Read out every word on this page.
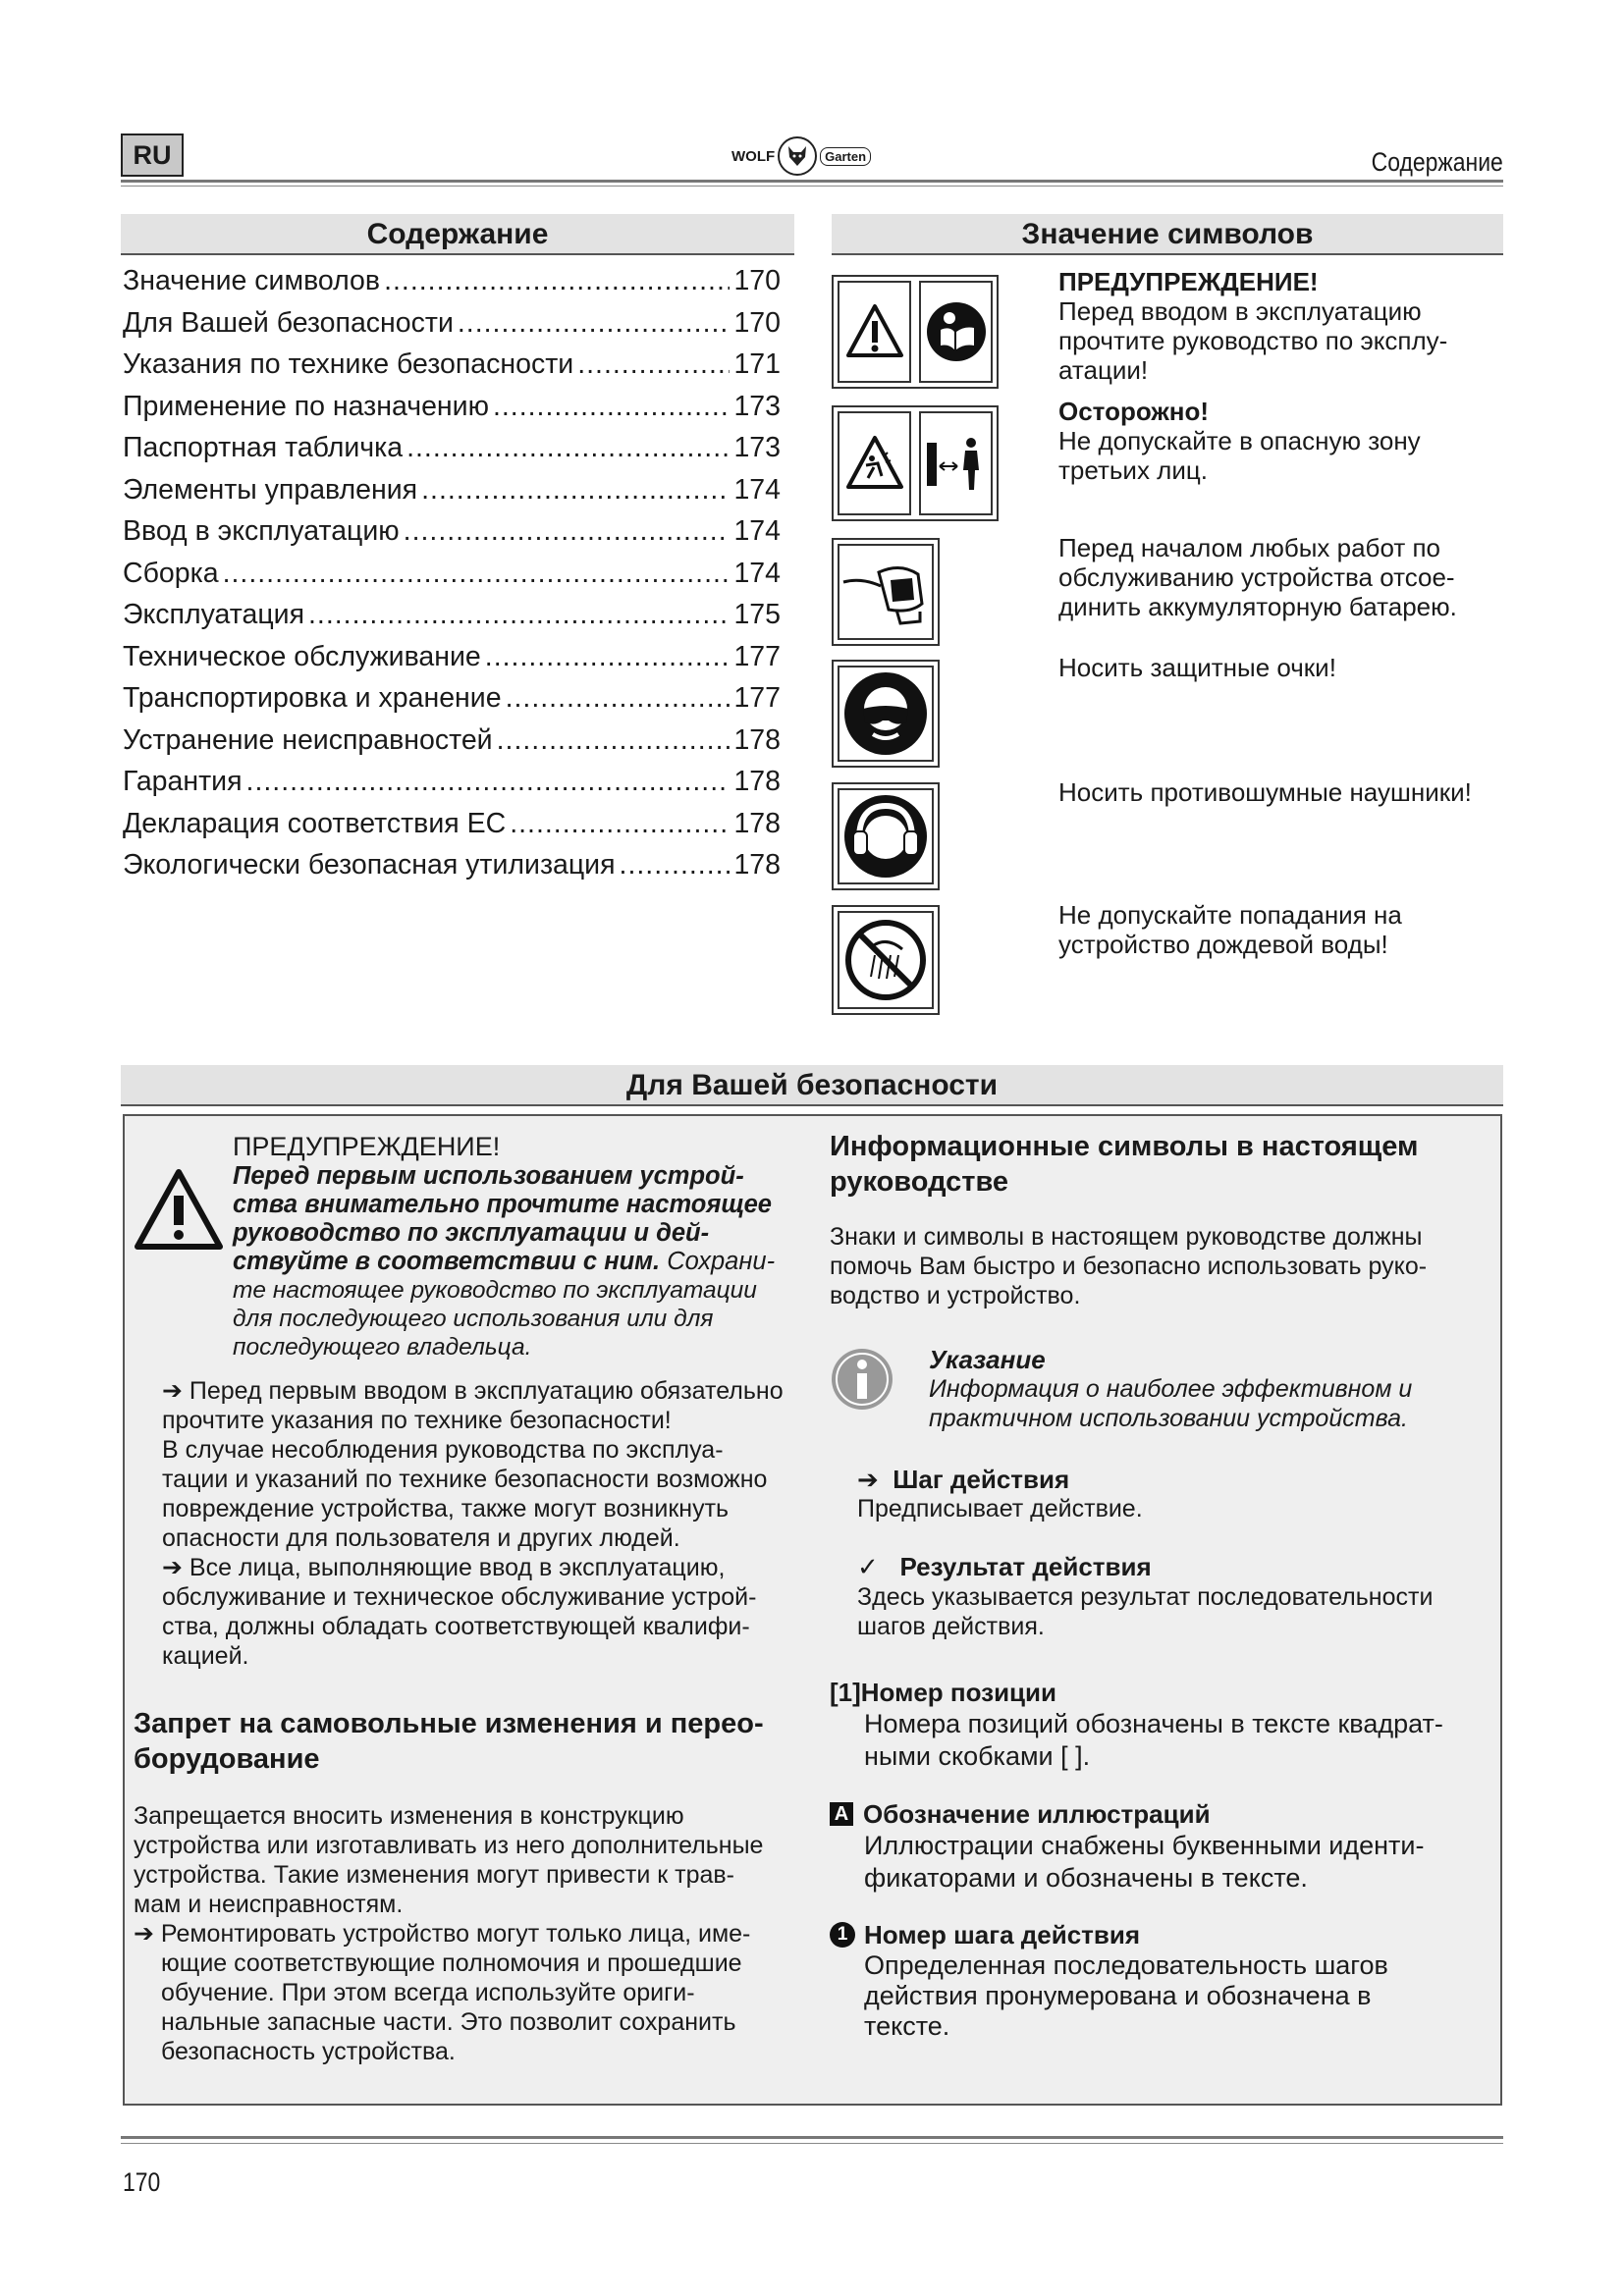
RU	WOLF	Garten	Содержание
Содержание
Значение символов .....	170
Для Вашей безопасности .....	170
Указания по технике безопасности .....	171
Применение по назначению .....	173
Паспортная табличка .....	173
Элементы управления .....	174
Ввод в эксплуатацию .....	174
Сборка .....	174
Эксплуатация .....	175
Техническое обслуживание .....	177
Транспортировка и хранение .....	177
Устранение неисправностей .....	178
Гарантия .....	178
Декларация соответствия ЕС .....	178
Экологически безопасная утилизация .....	178
Значение символов
ПРЕДУПРЕЖДЕНИЕ!
Перед вводом в эксплуатацию
прочтите руководство по эксплу-
атации!
Осторожно!
Не допускайте в опасную зону
третьих лиц.
Перед началом любых работ по
обслуживанию устройства отсое-
динить аккумуляторную батарею.
Носить защитные очки!
Носить противошумные наушники!
Не допускайте попадания на
устройство дождевой воды!
Для Вашей безопасности
ПРЕДУПРЕЖДЕНИЕ!
Перед первым использованием устрой-
ства внимательно прочтите настоящее
руководство по эксплуатации и дей-
ствуйте в соответствии с ним. Сохрани-
те настоящее руководство по эксплуатации
для последующего использования или для
последующего владельца.
➔ Перед первым вводом в эксплуатацию обязательно
прочтите указания по технике безопасности!
В случае несоблюдения руководства по эксплуа-
тации и указаний по технике безопасности возможно
повреждение устройства, также могут возникнуть
опасности для пользователя и других людей.
➔ Все лица, выполняющие ввод в эксплуатацию,
обслуживание и техническое обслуживание устрой-
ства, должны обладать соответствующей квалифи-
кацией.
Запрет на самовольные изменения и перео-
борудование
Запрещается вносить изменения в конструкцию
устройства или изготавливать из него дополнительные
устройства. Такие изменения могут привести к трав-
мам и неисправностям.
➔ Ремонтировать устройство могут только лица, име-
ющие соответствующие полномочия и прошедшие
обучение. При этом всегда используйте ориги-
нальные запасные части. Это позволит сохранить
безопасность устройства.
Информационные символы в настоящем
руководстве
Знаки и символы в настоящем руководстве должны
помочь Вам быстро и безопасно использовать руко-
водство и устройство.
Указание
Информация о наиболее эффективном и
практичном использовании устройства.
➔ Шаг действия
Предписывает действие.
✓ Результат действия
Здесь указывается результат последовательности
шагов действия.
[1]Номер позиции
Номера позиций обозначены в тексте квадрат-
ными скобками [ ].
A Обозначение иллюстраций
Иллюстрации снабжены буквенными иденти-
фикаторами и обозначены в тексте.
1 Номер шага действия
Определенная последовательность шагов
действия пронумерована и обозначена в
тексте.
170
